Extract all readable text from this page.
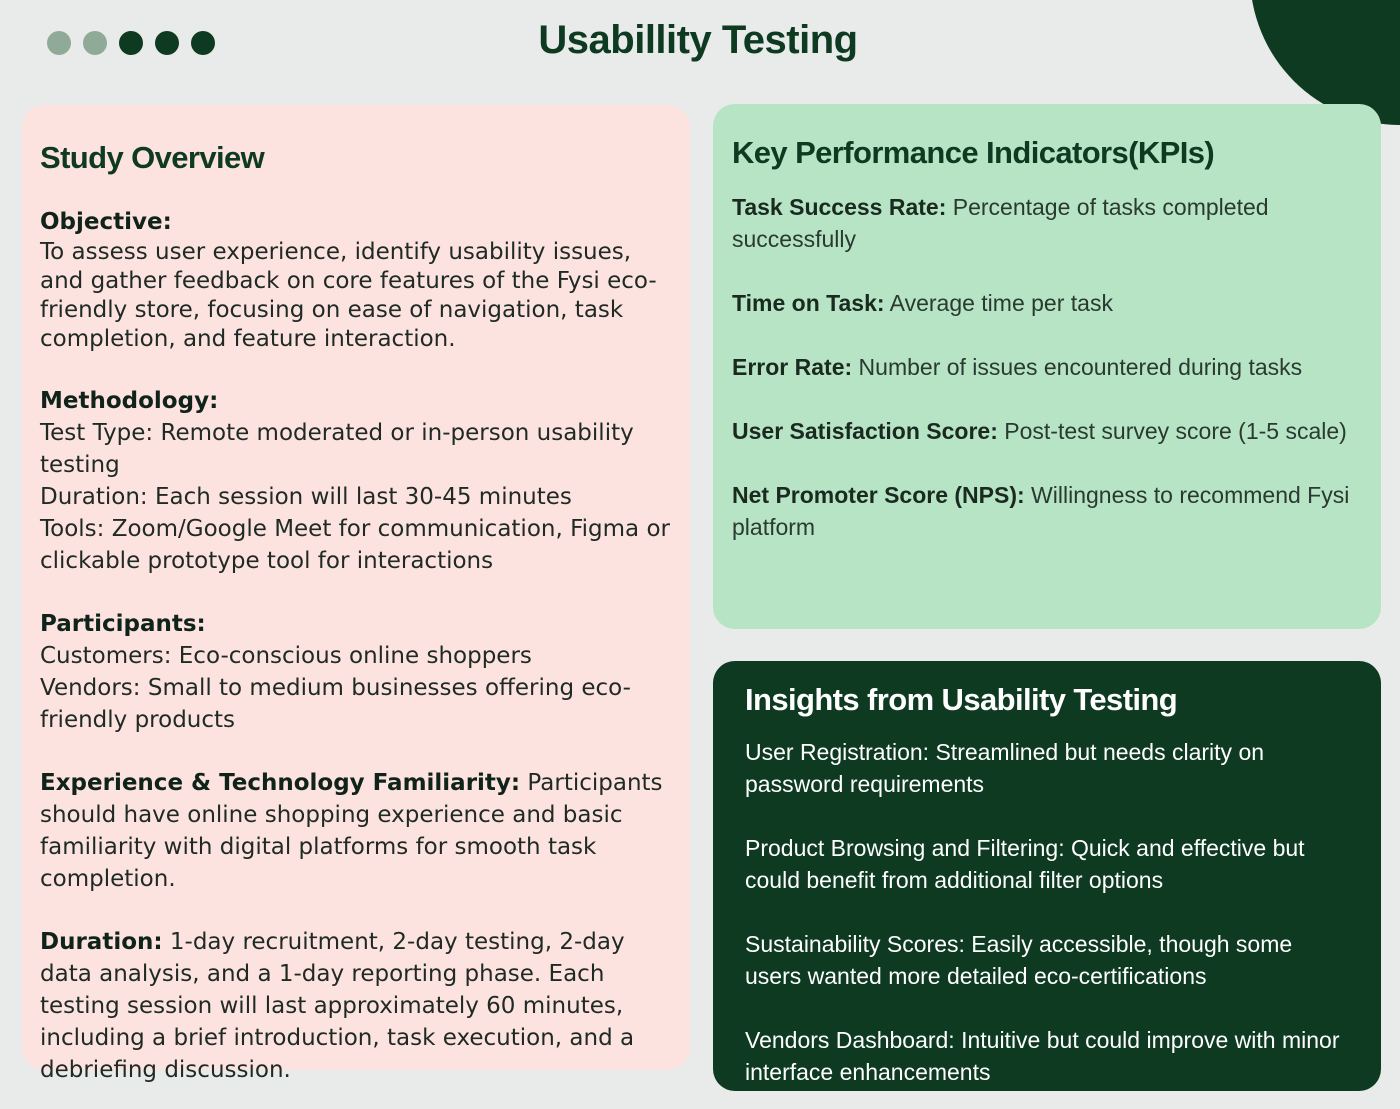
Usabillity Testing
Study Overview
Objective:
To assess user experience, identify usability issues, and gather feedback on core features of the Fysi eco-friendly store, focusing on ease of navigation, task completion, and feature interaction.
Methodology:
Test Type: Remote moderated or in-person usability testing
Duration: Each session will last 30-45 minutes
Tools: Zoom/Google Meet for communication, Figma or clickable prototype tool for interactions
Participants:
Customers: Eco-conscious online shoppers
Vendors: Small to medium businesses offering eco-friendly products
Experience & Technology Familiarity: Participants should have online shopping experience and basic familiarity with digital platforms for smooth task completion.
Duration: 1-day recruitment, 2-day testing, 2-day data analysis, and a 1-day reporting phase. Each testing session will last approximately 60 minutes, including a brief introduction, task execution, and a debriefing discussion.
Key Performance Indicators(KPIs)
Task Success Rate: Percentage of tasks completed successfully
Time on Task: Average time per task
Error Rate: Number of issues encountered during tasks
User Satisfaction Score: Post-test survey score (1-5 scale)
Net Promoter Score (NPS): Willingness to recommend Fysi platform
Insights from Usability Testing
User Registration: Streamlined but needs clarity on password requirements
Product Browsing and Filtering: Quick and effective but could benefit from additional filter options
Sustainability Scores: Easily accessible, though some users wanted more detailed eco-certifications
Vendors Dashboard: Intuitive but could improve with minor interface enhancements
